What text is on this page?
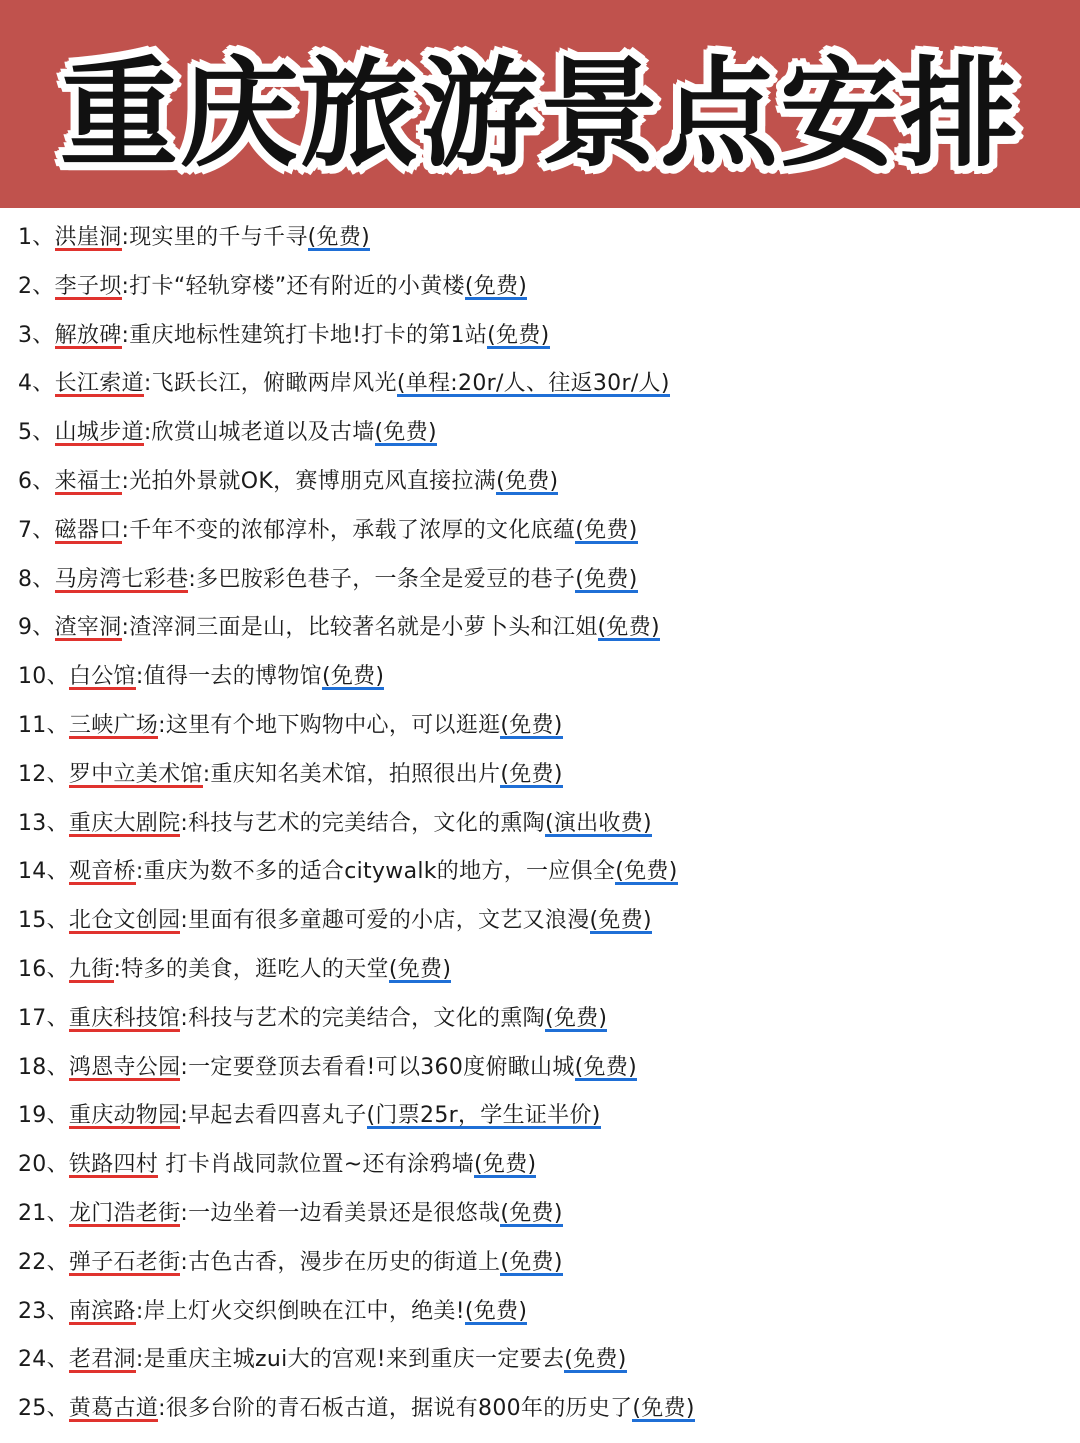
重庆旅游景点安排
1、洪崖洞:现实里的千与千寻(免费)
2、李子坝:打卡“轻轨穿楼”还有附近的小黄楼(免费)
3、解放碑:重庆地标性建筑打卡地!打卡的第1站(免费)
4、长江索道:飞跃长江，俯瞰两岸风光(单程:20r/人、往返30r/人)
5、山城步道:欣赏山城老道以及古墙(免费)
6、来福士:光拍外景就OK，赛博朋克风直接拉满(免费)
7、磁器口:千年不变的浓郁淳朴，承载了浓厚的文化底蕴(免费)
8、马房湾七彩巷:多巴胺彩色巷子，一条全是爱豆的巷子(免费)
9、渣宰洞:渣滓洞三面是山，比较著名就是小萝卜头和江姐(免费)
10、白公馆:值得一去的博物馆(免费)
11、三峡广场:这里有个地下购物中心，可以逛逛(免费)
12、罗中立美术馆:重庆知名美术馆，拍照很出片(免费)
13、重庆大剧院:科技与艺术的完美结合，文化的熏陶(演出收费)
14、观音桥:重庆为数不多的适合citywalk的地方，一应俱全(免费)
15、北仓文创园:里面有很多童趣可爱的小店，文艺又浪漫(免费)
16、九街:特多的美食，逛吃人的天堂(免费)
17、重庆科技馆:科技与艺术的完美结合，文化的熏陶(免费)
18、鸿恩寺公园:一定要登顶去看看!可以360度俯瞰山城(免费)
19、重庆动物园:早起去看四喜丸子(门票25r，学生证半价)
20、铁路四村 打卡肖战同款位置~还有涂鸦墙(免费)
21、龙门浩老街:一边坐着一边看美景还是很悠哉(免费)
22、弹子石老街:古色古香，漫步在历史的街道上(免费)
23、南滨路:岸上灯火交织倒映在江中，绝美!(免费)
24、老君洞:是重庆主城zui大的宫观!来到重庆一定要去(免费)
25、黄葛古道:很多台阶的青石板古道，据说有800年的历史了(免费)
